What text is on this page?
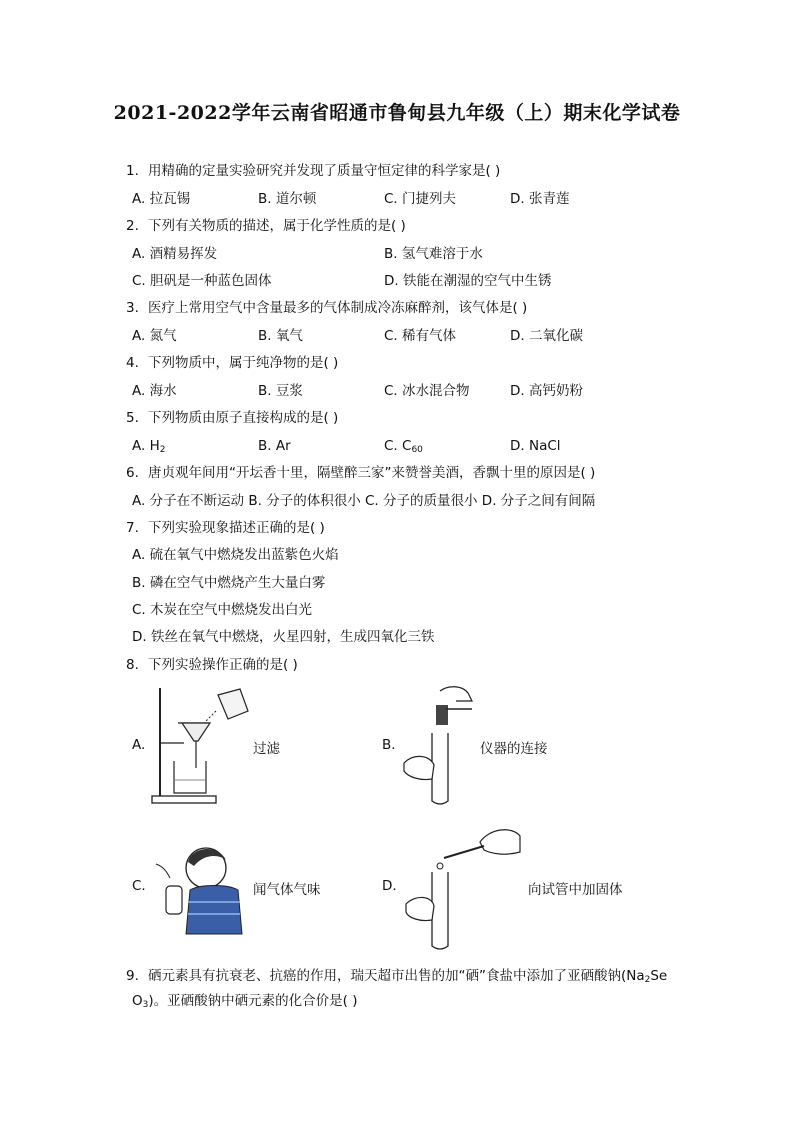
2021-2022学年云南省昭通市鲁甸县九年级（上）期末化学试卷
1. 用精确的定量实验研究并发现了质量守恒定律的科学家是( )
A. 拉瓦锡	B. 道尔顿	C. 门捷列夫	D. 张青莲
2. 下列有关物质的描述，属于化学性质的是( )
A. 酒精易挥发	B. 氢气难溶于水
C. 胆矾是一种蓝色固体	D. 铁能在潮湿的空气中生锈
3. 医疗上常用空气中含量最多的气体制成冷冻麻醉剂，该气体是( )
A. 氮气	B. 氧气	C. 稀有气体	D. 二氧化碳
4. 下列物质中，属于纯净物的是( )
A. 海水	B. 豆浆	C. 冰水混合物	D. 高钙奶粉
5. 下列物质由原子直接构成的是( )
A. $H_2$	B. Ar	C. $C_{60}$	D. NaCl
6. 唐贞观年间用“开坛香十里，隔壁醉三家”来赞誉美酒，香飘十里的原因是( )
A. 分子在不断运动 B. 分子的体积很小 C. 分子的质量很小 D. 分子之间有间隔
7. 下列实验现象描述正确的是( )
A. 硫在氧气中燃烧发出蓝紫色火焰
B. 磷在空气中燃烧产生大量白雾
C. 木炭在空气中燃烧发出白光
D. 铁丝在氧气中燃烧，火星四射，生成四氧化三铁
8. 下列实验操作正确的是( )
A.	过滤	B.	仪器的连接
C.	闻气体气味	D.	向试管中加固体
9. 硒元素具有抗衰老、抗癌的作用，瑞天超市出售的加“硒”食盐中添加了亚硒酸钠($Na_2Se$
$O_3$)。亚硒酸钠中硒元素的化合价是( )
